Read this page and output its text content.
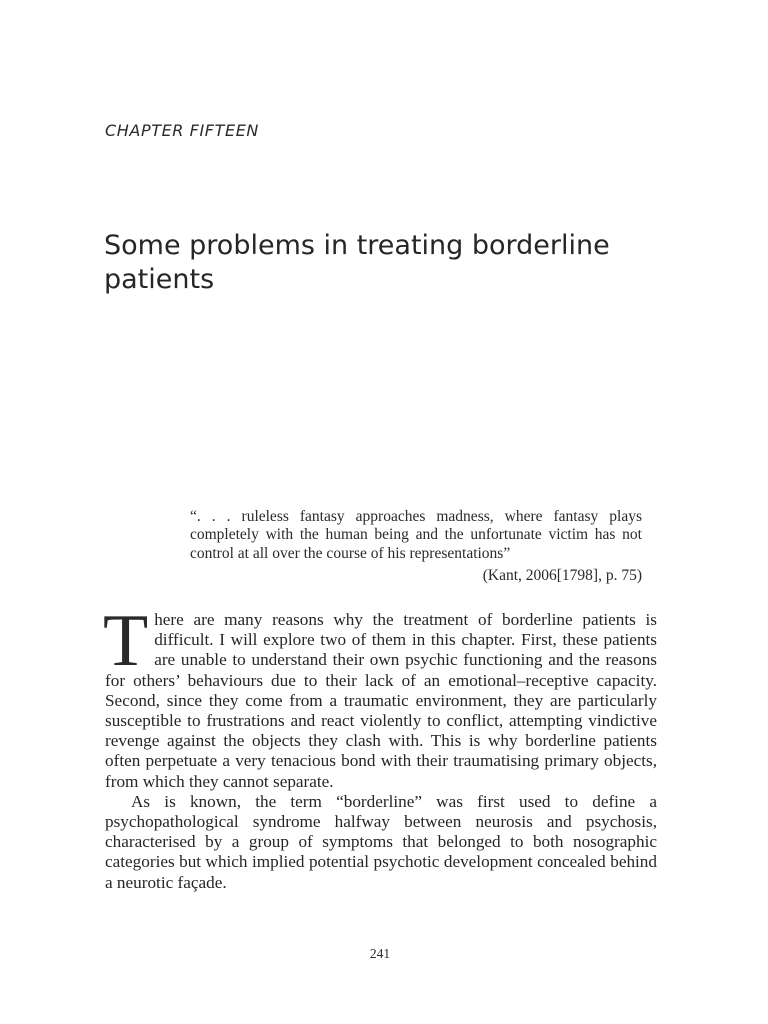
CHAPTER FIFTEEN
Some problems in treating borderline patients

“. . . ruleless fantasy approaches madness, where fantasy plays completely with the human being and the unfortunate victim has not control at all over the course of his representations”

(Kant, 2006[1798], p. 75)

There are many reasons why the treatment of borderline patients is difficult. I will explore two of them in this chapter. First, these patients are unable to understand their own psychic functioning and the reasons for others’ behaviours due to their lack of an emotional–receptive capacity. Second, since they come from a traumatic environment, they are particularly susceptible to frustrations and react violently to conflict, attempting vindictive revenge against the objects they clash with. This is why borderline patients often perpetuate a very tenacious bond with their traumatising primary objects, from which they cannot separate.

As is known, the term “borderline” was first used to define a psychopathological syndrome halfway between neurosis and psychosis, characterised by a group of symptoms that belonged to both nosographic categories but which implied potential psychotic development concealed behind a neurotic façade.

241
